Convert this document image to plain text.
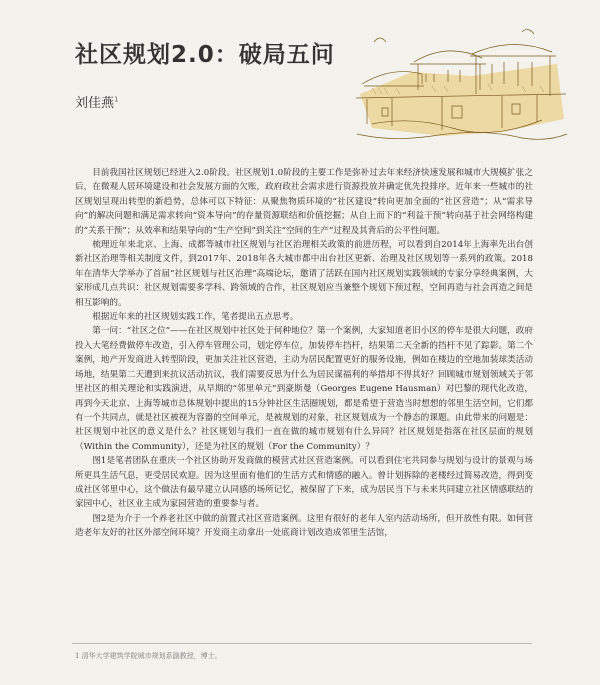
社区规划2.0：破局五问
刘佳燕$^1$

目前我国社区规划已经进入2.0阶段。社区规划1.0阶段的主要工作是弥补过去年来经济快速发展和城市大规模扩张之后，在微观人居环境建设和社会发展方面的欠账，政府政社会需求进行资源投放并确定优先投排序。近年来一些城市的社区规划呈现出转型的新趋势，总体可以下特征：从聚焦物质环境的“社区建设”转向更加全面的“社区营造”；从“需求导向”的解决问题和满足需求转向“资本导向”的存量资源联结和价值挖掘；从自上而下的“利益干预”转向基于社会网络构建的“关系干预”；从效率和结果导向的“生产空间”到关注“空间的生产”过程及其背后的公平性问题。

梳理近年来北京、上海、成都等城市社区规划与社区治理相关政策的前进历程，可以看到自2014年上海率先出台创新社区治理等相关制度文件，到2017年、2018年各大城市都中出台社区更新、治理及社区规划等一系列的政策。2018年在清华大学举办了首届“社区规划与社区治理”高端论坛，邀请了活跃在国内社区规划实践领域的专家分享经典案例，大家形成几点共识：社区规划需要多学科、跨领域的合作，社区规划应当兼整个规划下预过程，空间再造与社会再造之间是相互影响的。

根据近年来的社区规划实践工作，笔者提出五点思考。

第一问：“社区之位”——在社区规划中社区处于何种地位？第一个案例，大家知道老旧小区的停车是很大问题，政府投入大笔经费做停车改造，引入停车管理公司，划定停车位，加装停车挡杆，结果第二天全新的挡杆不见了踪影。第二个案例，地产开发商进入转型阶段，更加关注社区营造，主动为居民配置更好的服务设施，例如在楼边的空地加装球类活动场地，结果第二天遭到来抗议活动抗议，我们需要反思为什么为居民谋福利的举措却不得其好？回顾城市规划领域关于邻里社区的相关理论和实践演进，从早期的“邻里单元”到豪斯曼（Georges Eugene Hausman）对巴黎的现代化改造，再到今天北京、上海等城市总体规划中提出的15分钟社区生活圈规划，都是希望于营造当时想想的邻里生活空间，它们都有一个共同点，就是社区被视为容器的空间单元，是被规划的对象，社区规划成为一个静态的课题。由此带来的问题是：社区规划中社区的意义是什么？社区规划与我们一直在做的城市规划有什么异同？社区规划是指落在社区层面的规划（Within the Community），还是为社区的规划（For the Community）？

图1是笔者团队在重庆一个社区协助开发商做的模营式社区营造案例。可以看到住宅共同参与规划与设计的景观与场所更具生活气息，更受居民欢迎。因为这里面有他们的生活方式和情感的融入。曾计划拆除的老楼经过简易改造，得到变成社区邻里中心，这个做法有最早建立认同感的场所记忆，被保留了下来，成为居民当下与未来共同建立社区情感联结的家园中心，社区业主成为家园营造的重要参与者。

图2是为介于一个养老社区中做的前置式社区营造案例。这里有很好的老年人室内活动场所，但开放性有限。如何营造老年友好的社区外部空间环境？开发商主动拿出一处底商计划改造成邻里生活馆，

1 清华大学建筑学院城市规划系副教授，博士。
